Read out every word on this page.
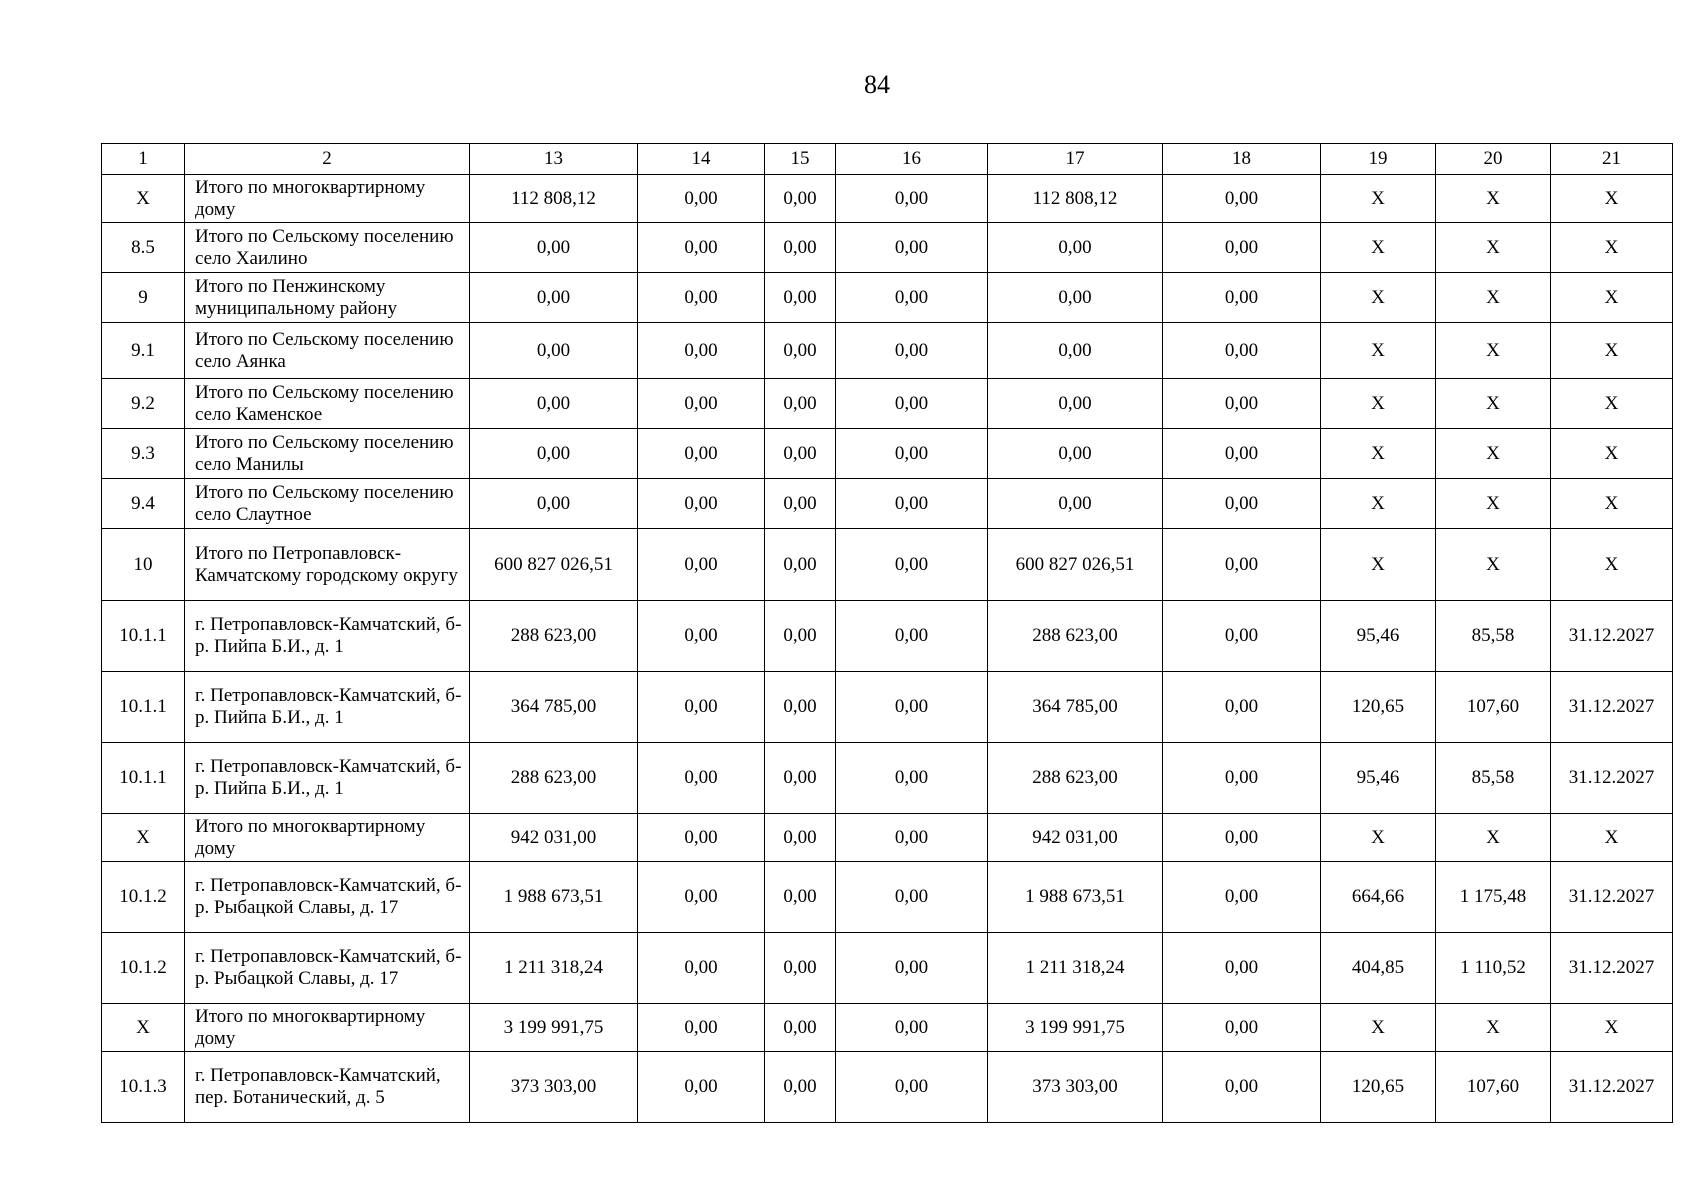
84
1	2	13	14	15	16	17	18	19	20	21
X	Итого по многоквартирному дому	112 808,12	0,00	0,00	0,00	112 808,12	0,00	X	X	X
8.5	Итого по Сельскому поселению село Хаилино	0,00	0,00	0,00	0,00	0,00	0,00	X	X	X
9	Итого по Пенжинскому муниципальному району	0,00	0,00	0,00	0,00	0,00	0,00	X	X	X
9.1	Итого по Сельскому поселению село Аянка	0,00	0,00	0,00	0,00	0,00	0,00	X	X	X
9.2	Итого по Сельскому поселению село Каменское	0,00	0,00	0,00	0,00	0,00	0,00	X	X	X
9.3	Итого по Сельскому поселению село Манилы	0,00	0,00	0,00	0,00	0,00	0,00	X	X	X
9.4	Итого по Сельскому поселению село Слаутное	0,00	0,00	0,00	0,00	0,00	0,00	X	X	X
10	Итого по Петропавловск-Камчатскому городскому округу	600 827 026,51	0,00	0,00	0,00	600 827 026,51	0,00	X	X	X
10.1.1	г. Петропавловск-Камчатский, б-р. Пийпа Б.И., д. 1	288 623,00	0,00	0,00	0,00	288 623,00	0,00	95,46	85,58	31.12.2027
10.1.1	г. Петропавловск-Камчатский, б-р. Пийпа Б.И., д. 1	364 785,00	0,00	0,00	0,00	364 785,00	0,00	120,65	107,60	31.12.2027
10.1.1	г. Петропавловск-Камчатский, б-р. Пийпа Б.И., д. 1	288 623,00	0,00	0,00	0,00	288 623,00	0,00	95,46	85,58	31.12.2027
X	Итого по многоквартирному дому	942 031,00	0,00	0,00	0,00	942 031,00	0,00	X	X	X
10.1.2	г. Петропавловск-Камчатский, б-р. Рыбацкой Славы, д. 17	1 988 673,51	0,00	0,00	0,00	1 988 673,51	0,00	664,66	1 175,48	31.12.2027
10.1.2	г. Петропавловск-Камчатский, б-р. Рыбацкой Славы, д. 17	1 211 318,24	0,00	0,00	0,00	1 211 318,24	0,00	404,85	1 110,52	31.12.2027
X	Итого по многоквартирному дому	3 199 991,75	0,00	0,00	0,00	3 199 991,75	0,00	X	X	X
10.1.3	г. Петропавловск-Камчатский, пер. Ботанический, д. 5	373 303,00	0,00	0,00	0,00	373 303,00	0,00	120,65	107,60	31.12.2027
